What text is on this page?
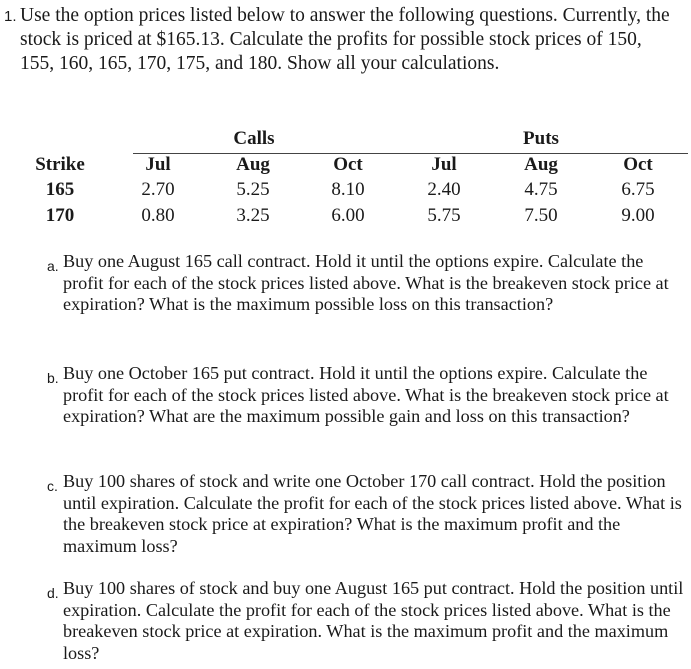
1. Use the option prices listed below to answer the following questions. Currently, the stock is priced at $165.13. Calculate the profits for possible stock prices of 150, 155, 160, 165, 170, 175, and 180. Show all your calculations.
Calls	Puts
Strike	Jul	Aug	Oct	Jul	Aug	Oct
165	2.70	5.25	8.10	2.40	4.75	6.75
170	0.80	3.25	6.00	5.75	7.50	9.00
a. Buy one August 165 call contract. Hold it until the options expire. Calculate the profit for each of the stock prices listed above. What is the breakeven stock price at expiration? What is the maximum possible loss on this transaction?
b. Buy one October 165 put contract. Hold it until the options expire. Calculate the profit for each of the stock prices listed above. What is the breakeven stock price at expiration? What are the maximum possible gain and loss on this transaction?
c. Buy 100 shares of stock and write one October 170 call contract. Hold the position until expiration. Calculate the profit for each of the stock prices listed above. What is the breakeven stock price at expiration? What is the maximum profit and the maximum loss?
d. Buy 100 shares of stock and buy one August 165 put contract. Hold the position until expiration. Calculate the profit for each of the stock prices listed above. What is the breakeven stock price at expiration. What is the maximum profit and the maximum loss?
